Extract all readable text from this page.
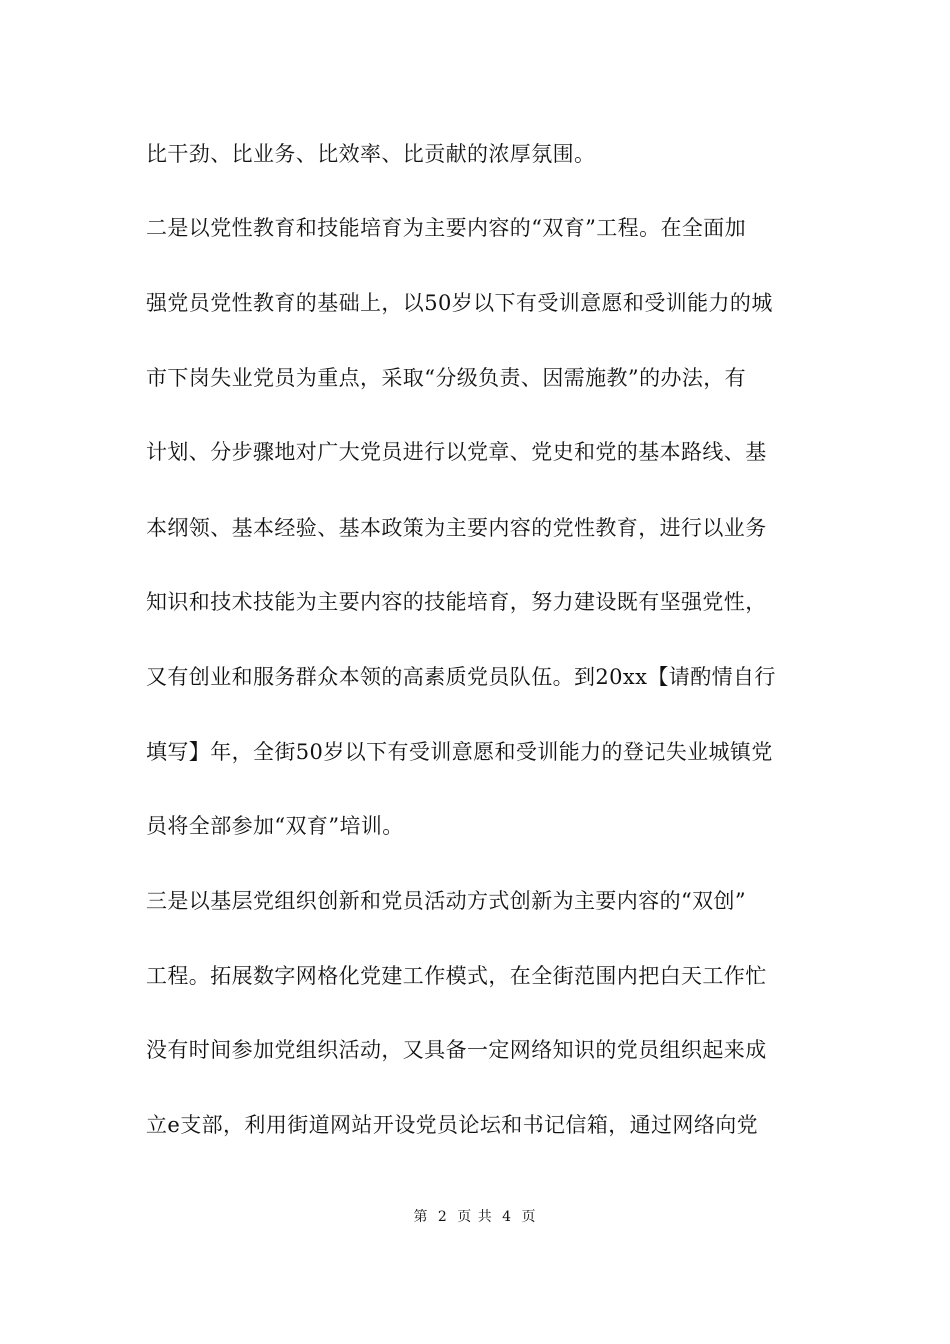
比干劲、比业务、比效率、比贡献的浓厚氛围。
二是以党性教育和技能培育为主要内容的“双育”工程。在全面加
强党员党性教育的基础上，以50岁以下有受训意愿和受训能力的城
市下岗失业党员为重点，采取“分级负责、因需施教”的办法，有
计划、分步骤地对广大党员进行以党章、党史和党的基本路线、基
本纲领、基本经验、基本政策为主要内容的党性教育，进行以业务
知识和技术技能为主要内容的技能培育，努力建设既有坚强党性，
又有创业和服务群众本领的高素质党员队伍。到20xx【请酌情自行
填写】年，全街50岁以下有受训意愿和受训能力的登记失业城镇党
员将全部参加“双育”培训。
三是以基层党组织创新和党员活动方式创新为主要内容的“双创”
工程。拓展数字网格化党建工作模式，在全街范围内把白天工作忙
没有时间参加党组织活动，又具备一定网络知识的党员组织起来成
立e支部，利用街道网站开设党员论坛和书记信箱，通过网络向党
第 2 页 共 4 页
